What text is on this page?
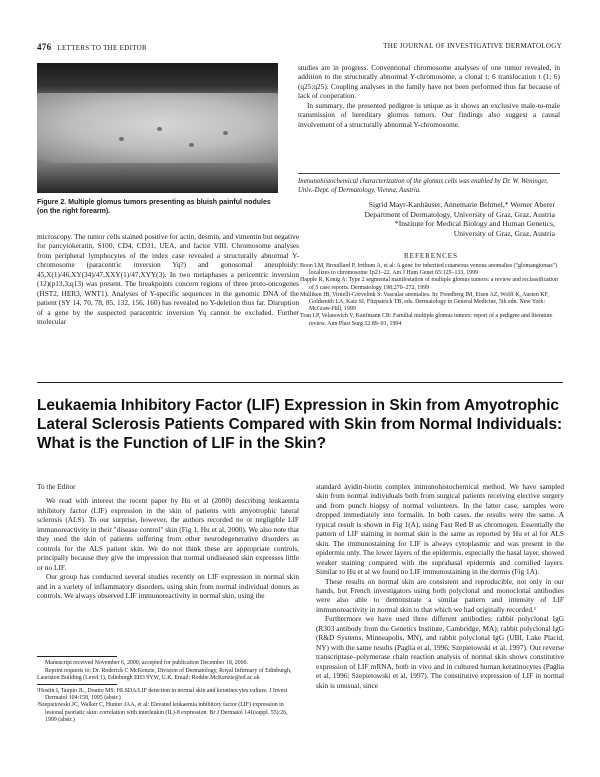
476 LETTERS TO THE EDITOR	THE JOURNAL OF INVESTIGATIVE DERMATOLOGY
Figure 2. Multiple glomus tumors presenting as bluish painful nodules (on the right forearm).

microscopy. The tumor cells stained positive for actin, desmin, and vimentin but negative for pancytokeratin, S100, CD4, CD31, UEA, and factor VIII. Chromosome analyses from peripheral lymphocytes of the index case revealed a structurally abnormal Y-chromosome (paracentric inversion Yq?) and gonosomal aneuploidy: 45,X(1)/46,XY(34)/47,XXY(1)/47,XYY(3). In two metaphases a pericentric inversion (12)(p13,3;q13) was present. The breakpoints concern regions of three proto-oncogenes (HST2, HER3, WNT1). Analyses of Y-specific sequences in the genomic DNA of the patient (SY 14, 70, 78, 85, 132, 156, 160) has revealed no Y-deletion thus far. Disruption of a gene by the suspected paracentric inversion Yq cannot be excluded. Further molecular

studies are in progress. Conventional chromosome analyses of one tumor revealed, in addition to the structurally abnormal Y-chromosome, a clonal t; 6 translocation t (1; 6)(q25;q25). Coupling analyses in the family have not been performed thus far because of lack of cooperation.

In summary, the presented pedigree is unique as it shows an exclusive male-to-male transmission of hereditary glomus tumors. Our findings also suggest a causal involvement of a structurally abnormal Y-chromosome.

Immunohistochemical characterization of the glomus cells was enabled by Dr. W. Weninger, Univ.-Dept. of Dermatology, Vienna, Austria.
Sigrid Mayr-Kanhäuser, Annemarie Behmel,* Werner Aberer
Department of Dermatology, University of Graz, Graz, Austria
*Institute for Medical Biology and Human Genetics,
University of Graz, Graz, Austria
REFERENCES
Boon LM, Brouillard P, Irrthum A, et al: A gene for inherited cutaneous venous anomalies ("glomangiomas") localizes to chromosome 1p21–22. Am J Hum Genet 65:125–133, 1999
Happle R, Konig A: Type 2 segmental manifestation of multiple glomus tumors: a review and reclassification of 5 case reports. Dermatology 198:270–272, 1999
Mulliken JB, Virnelli-Grevelink S: Vascular anomalies. In: Freedberg IM, Eisen AZ, Wolff K, Austen KF, Goldsmith LA, Katz SI, Fitzpatrick TB, eds. Dermatology in General Medicine, 5th edn. New York: McGraw-Hill, 1999
Tran LP, Velanovich V, Kaufmann CR: Familial multiple glomus tumors: report of a pedigree and literature review. Ann Plast Surg 32:89–91, 1994
Leukaemia Inhibitory Factor (LIF) Expression in Skin from Amyotrophic Lateral Sclerosis Patients Compared with Skin from Normal Individuals: What is the Function of LIF in the Skin?

To the Editor

We read with interest the recent paper by Hu et al (2000) describing leukaemia inhibitory factor (LIF) expression in the skin of patients with amyotrophic lateral sclerosis (ALS). To our surprise, however, the authors recorded no or negligible LIF immunoreactivity in their "disease control" skin (Fig 1, Hu et al, 2000). We also note that they used the skin of patients suffering from other neurodegenerative disorders as controls for the ALS patient skin. We do not think these are appropriate controls, principally because they give the impression that normal undiseased skin expresses little or no LIF.

Our group has conducted several studies recently on LIF expression in normal skin and in a variety of inflammatory disorders, using skin from normal individual donors as controls. We always observed LIF immunoreactivity in normal skin, using the

Manuscript received November 6, 2000; accepted for publication December 18, 2000.

Reprint requests to: Dr. Roderick C McKenzie, Division of Dermatology, Royal Infirmary of Edinburgh, Lauriston Building (Level 1), Edinburgh EH3 9YW, U.K. Email: Roddie.McKenzie@ed.ac.uk

¹Hostin I, Taupin JL, Doutre MS: HLSDA/LIF detection in normal skin and keratinocytes culture. J Invest Dermatol 104:158, 1995 (abstr.)
²Szepietowski JC, Walker C, Hunter JAA, et al: Elevated leukaemia inhibitory factor (LIF) expression in lesional psoriatic skin: correlation with interleukin (IL)-8 expression. Br J Dermatol 141(suppl. 55):26, 1999 (abstr.)

standard avidin-biotin complex immunohistochemical method. We have sampled skin from normal individuals both from surgical patients receiving elective surgery and from punch biopsy of normal volunteers. In the latter case, samples were dropped immediately into formalin. In both cases, the results were the same. A typical result is shown in Fig 1(A), using Fast Red B as chromogen. Essentially the pattern of LIF staining in normal skin is the same as reported by Hu et al for ALS skin. The immunostaining for LIF is always cytoplasmic and was present in the epidermis only. The lower layers of the epidermis, especially the basal layer, showed weaker staining compared with the suprabasal epidermis and cornified layers. Similar to Hu et al we found no LIF immunostaining in the dermis (Fig 1A).

These results on normal skin are consistent and reproducible, not only in our hands, but French investigators using both polyclonal and monoclonal antibodies were also able to demonstrate a similar pattern and intensity of LIF immunoreactivity in normal skin to that which we had originally recorded.¹

Furthermore we have used three different antibodies: rabbit polyclonal IgG (R303 antibody from the Genetics Institute, Cambridge, MA); rabbit polyclonal IgG (R&D Systems, Minneapolis, MN), and rabbit polyclonal IgG (UBI, Lake Placid, NY) with the same results (Paglia et al, 1996; Szepietowski et al, 1997). Our reverse transcriptase–polymerase chain reaction analysis of normal skin shows constitutive expression of LIF mRNA, both in vivo and in cultured human keratinocytes (Paglia et al, 1996; Szepietowski et al, 1997). The constitutive expression of LIF in normal skin is unusual, since
